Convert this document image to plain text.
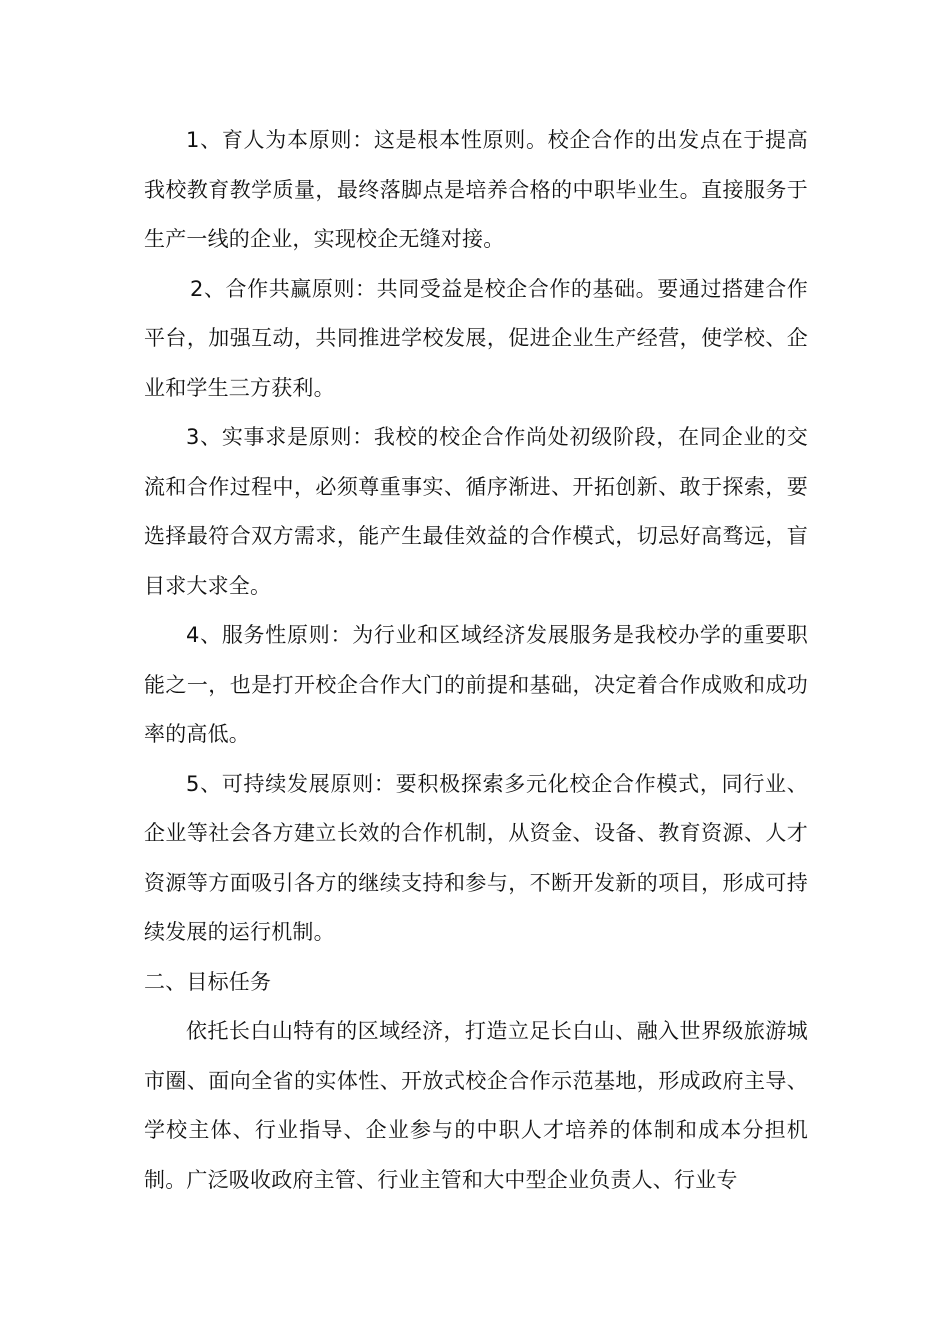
1、育人为本原则：这是根本性原则。校企合作的出发点在于提高我校教育教学质量，最终落脚点是培养合格的中职毕业生。直接服务于生产一线的企业，实现校企无缝对接。

2、合作共赢原则：共同受益是校企合作的基础。要通过搭建合作平台，加强互动，共同推进学校发展，促进企业生产经营，使学校、企业和学生三方获利。

3、实事求是原则：我校的校企合作尚处初级阶段，在同企业的交流和合作过程中，必须尊重事实、循序渐进、开拓创新、敢于探索，要选择最符合双方需求，能产生最佳效益的合作模式，切忌好高骛远，盲目求大求全。

4、服务性原则：为行业和区域经济发展服务是我校办学的重要职能之一，也是打开校企合作大门的前提和基础，决定着合作成败和成功率的高低。

5、可持续发展原则：要积极探索多元化校企合作模式，同行业、企业等社会各方建立长效的合作机制，从资金、设备、教育资源、人才资源等方面吸引各方的继续支持和参与，不断开发新的项目，形成可持续发展的运行机制。

二、目标任务

依托长白山特有的区域经济，打造立足长白山、融入世界级旅游城市圈、面向全省的实体性、开放式校企合作示范基地，形成政府主导、学校主体、行业指导、企业参与的中职人才培养的体制和成本分担机制。广泛吸收政府主管、行业主管和大中型企业负责人、行业专
